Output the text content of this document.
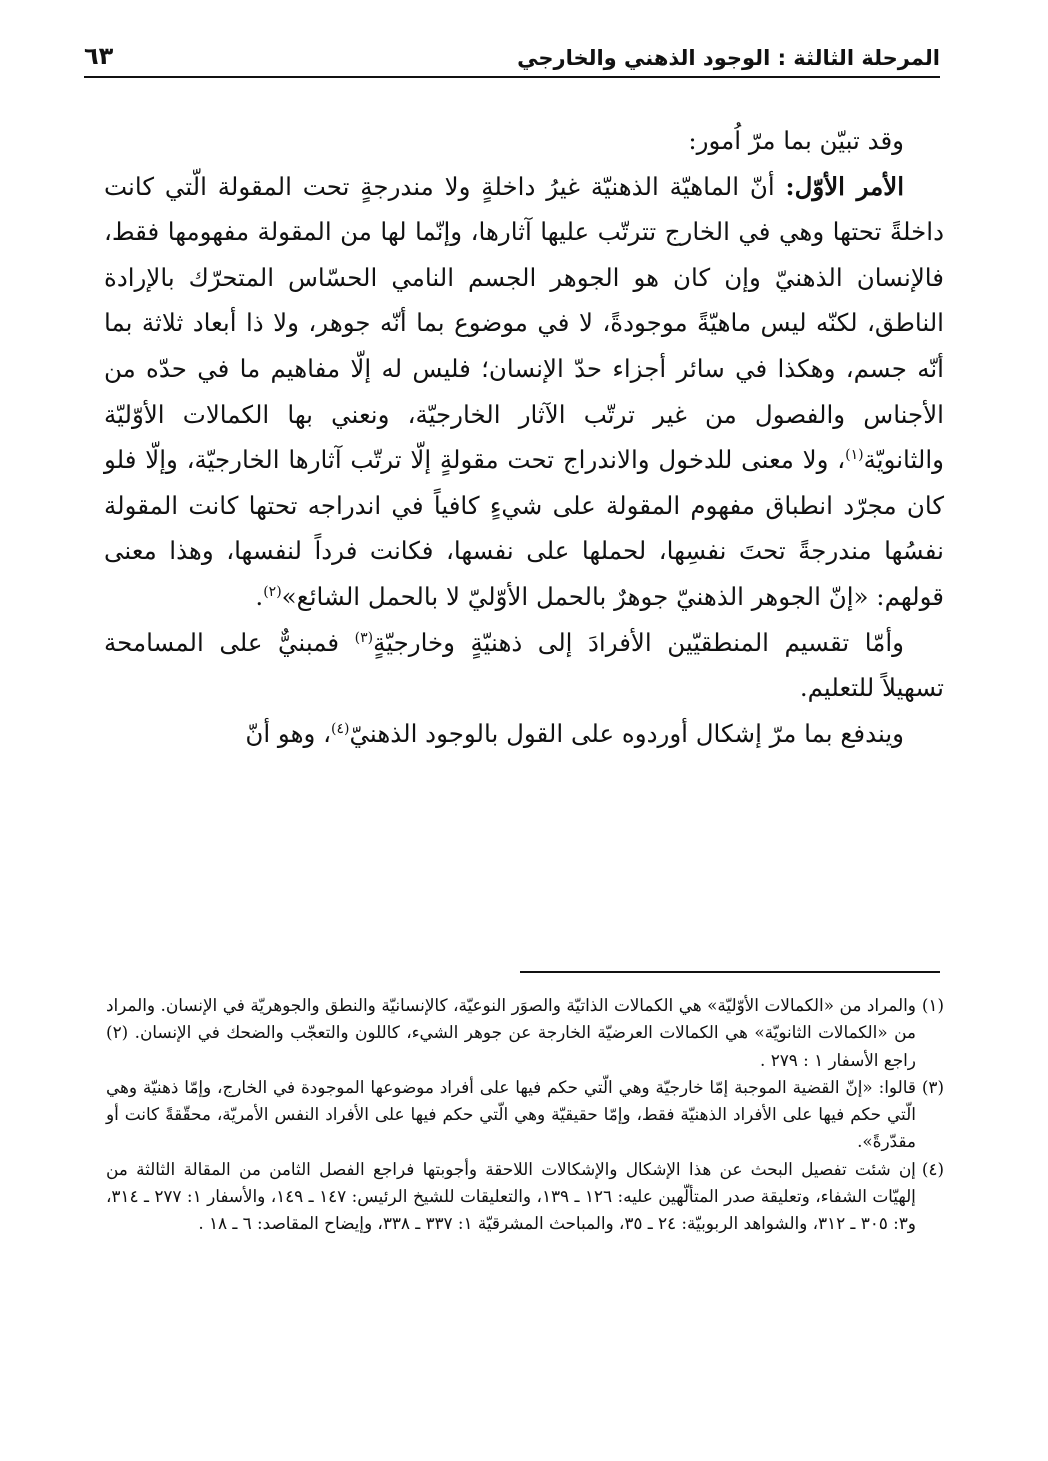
المرحلة الثالثة : الوجود الذهني والخارجي
٦٣

وقد تبيّن بما مرّ اُمور:

الأمر الأوّل: أنّ الماهيّة الذهنيّة غيرُ داخلةٍ ولا مندرجةٍ تحت المقولة الّتي كانت داخلةً تحتها وهي في الخارج تترتّب عليها آثارها، وإنّما لها من المقولة مفهومها فقط، فالإنسان الذهنيّ وإن كان هو الجوهر الجسم النامي الحسّاس المتحرّك بالإرادة الناطق، لكنّه ليس ماهيّةً موجودةً، لا في موضوع بما أنّه جوهر، ولا ذا أبعاد ثلاثة بما أنّه جسم، وهكذا في سائر أجزاء حدّ الإنسان؛ فليس له إلّا مفاهيم ما في حدّه من الأجناس والفصول من غير ترتّب الآثار الخارجيّة، ونعني بها الكمالات الأوّليّة والثانويّة$^{(١)}$، ولا معنى للدخول والاندراج تحت مقولةٍ إلّا ترتّب آثارها الخارجيّة، وإلّا فلو كان مجرّد انطباق مفهوم المقولة على شيءٍ كافياً في اندراجه تحتها كانت المقولة نفسُها مندرجةً تحتَ نفسِها، لحملها على نفسها، فكانت فرداً لنفسها، وهذا معنى قولهم: «إنّ الجوهر الذهنيّ جوهرٌ بالحمل الأوّليّ لا بالحمل الشائع»$^{(٢)}$.

وأمّا تقسيم المنطقيّين الأفرادَ إلى ذهنيّةٍ وخارجيّةٍ$^{(٣)}$ فمبنيٌّ على المسامحة تسهيلاً للتعليم.

ويندفع بما مرّ إشكال أوردوه على القول بالوجود الذهنيّ$^{(٤)}$، وهو أنّ

(١)
والمراد من «الكمالات الأوّليّة» هي الكمالات الذاتيّة والصوَر النوعيّة، كالإنسانيّة والنطق والجوهريّة في الإنسان. والمراد من «الكمالات الثانويّة» هي الكمالات العرضيّة الخارجة عن جوهر الشيء، كاللون والتعجّب والضحك في الإنسان. (٢) راجع الأسفار ١ : ٢٧٩ .
(٣)
قالوا: «إنّ القضية الموجبة إمّا خارجيّة وهي الّتي حكم فيها على أفراد موضوعها الموجودة في الخارج، وإمّا ذهنيّة وهي الّتي حكم فيها على الأفراد الذهنيّة فقط، وإمّا حقيقيّة وهي الّتي حكم فيها على الأفراد النفس الأمريّة، محقّقةً كانت أو مقدّرةً».
(٤)
إن شئت تفصيل البحث عن هذا الإشكال والإشكالات اللاحقة وأجوبتها فراجع الفصل الثامن من المقالة الثالثة من إلهيّات الشفاء، وتعليقة صدر المتألّهين عليه: ١٢٦ ـ ١٣٩، والتعليقات للشيخ الرئيس: ١٤٧ ـ ١٤٩، والأسفار ١: ٢٧٧ ـ ٣١٤، و٣: ٣٠٥ ـ ٣١٢، والشواهد الربوبيّة: ٢٤ ـ ٣٥، والمباحث المشرقيّة ١: ٣٣٧ ـ ٣٣٨، وإيضاح المقاصد: ٦ ـ ١٨ .
